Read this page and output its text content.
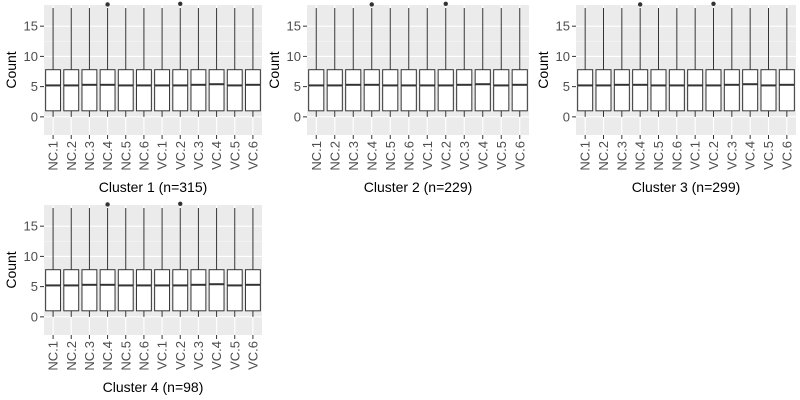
0
5
10
15
NC.1 NC.2 NC.3 NC.4 NC.5 NC.6 VC.1 VC.2 VC.3 VC.4 VC.5 VC.6
Count
Cluster 1 (n=315)
0
5
10
15
NC.1 NC.2 NC.3 NC.4 NC.5 NC.6 VC.1 VC.2 VC.3 VC.4 VC.5 VC.6
Count
Cluster 2 (n=229)
0
5
10
15
NC.1 NC.2 NC.3 NC.4 NC.5 NC.6 VC.1 VC.2 VC.3 VC.4 VC.5 VC.6
Count
Cluster 3 (n=299)
0
5
10
15
NC.1 NC.2 NC.3 NC.4 NC.5 NC.6 VC.1 VC.2 VC.3 VC.4 VC.5 VC.6
Count
Cluster 4 (n=98)
